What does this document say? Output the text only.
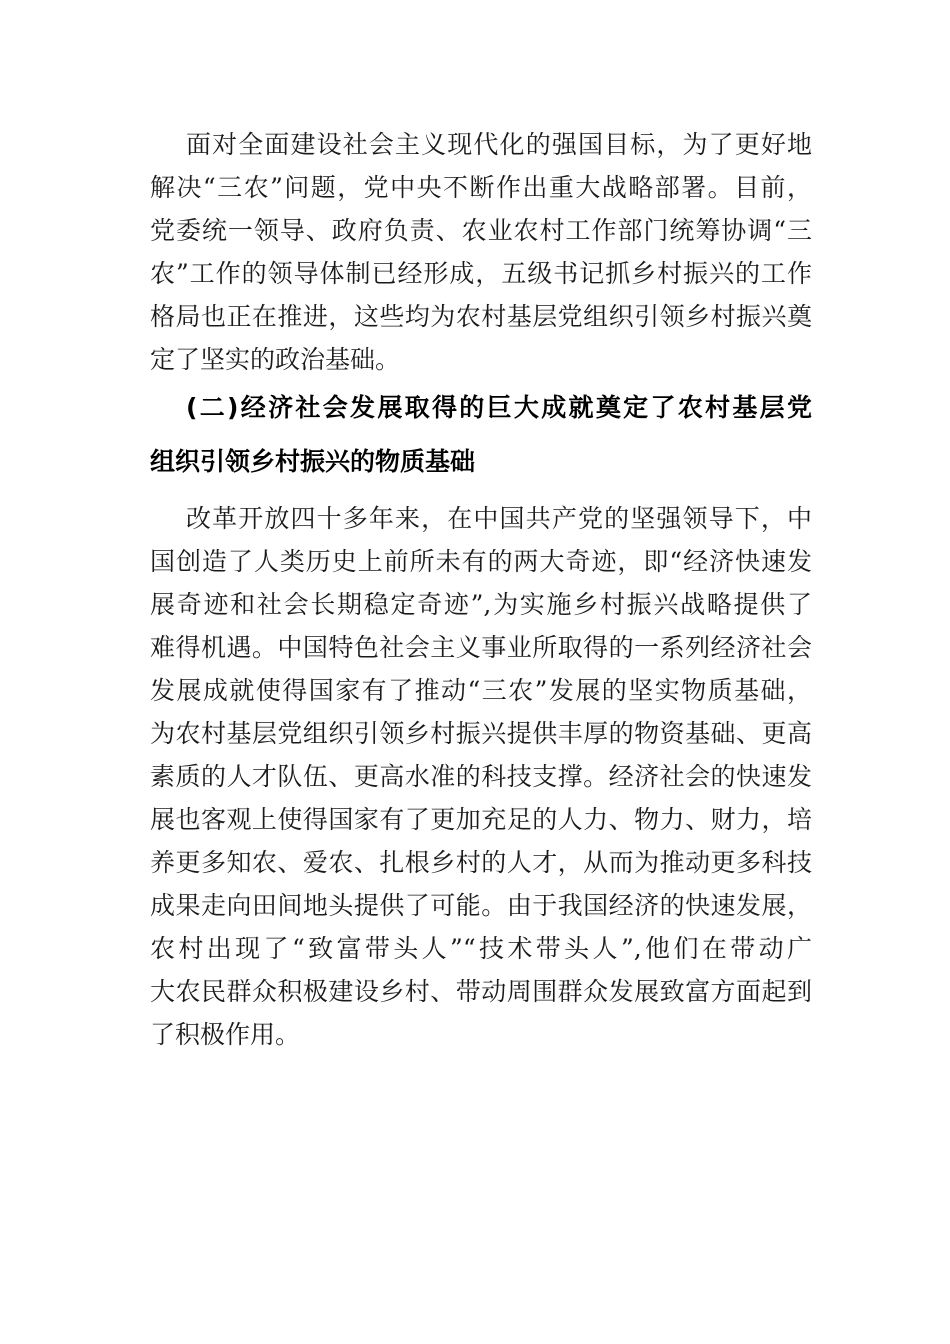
面对全面建设社会主义现代化的强国目标，为了更好地
解决“三农”问题，党中央不断作出重大战略部署。目前，
党委统一领导、政府负责、农业农村工作部门统筹协调“三
农”工作的领导体制已经形成，五级书记抓乡村振兴的工作
格局也正在推进，这些均为农村基层党组织引领乡村振兴奠
定了坚实的政治基础。
(二)经济社会发展取得的巨大成就奠定了农村基层党
组织引领乡村振兴的物质基础
改革开放四十多年来，在中国共产党的坚强领导下，中
国创造了人类历史上前所未有的两大奇迹，即“经济快速发
展奇迹和社会长期稳定奇迹”,为实施乡村振兴战略提供了
难得机遇。中国特色社会主义事业所取得的一系列经济社会
发展成就使得国家有了推动“三农”发展的坚实物质基础，
为农村基层党组织引领乡村振兴提供丰厚的物资基础、更高
素质的人才队伍、更高水准的科技支撑。经济社会的快速发
展也客观上使得国家有了更加充足的人力、物力、财力，培
养更多知农、爱农、扎根乡村的人才，从而为推动更多科技
成果走向田间地头提供了可能。由于我国经济的快速发展，
农村出现了“致富带头人”“技术带头人”,他们在带动广
大农民群众积极建设乡村、带动周围群众发展致富方面起到
了积极作用。
